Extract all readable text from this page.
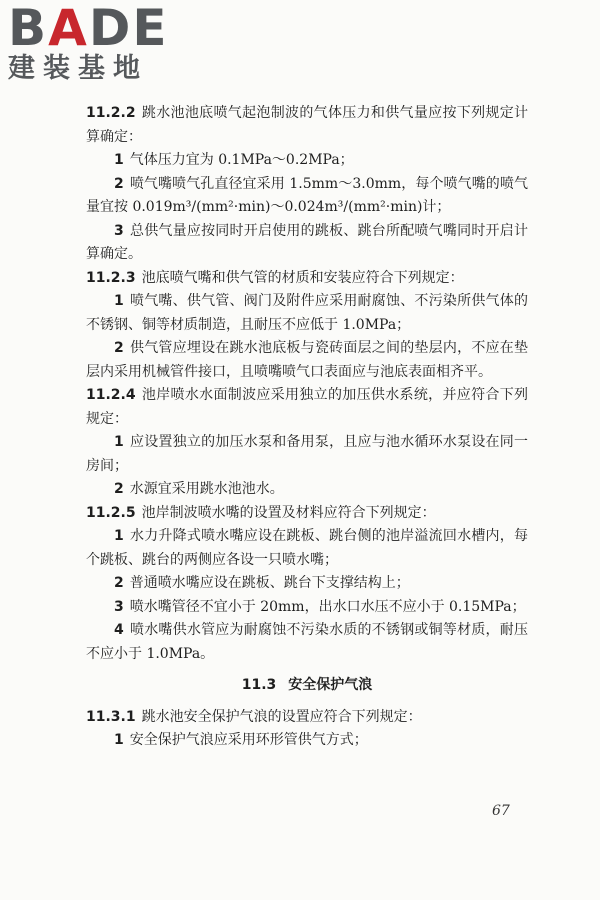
BADE
建装基地

11.2.2 跳水池池底喷气起泡制波的气体压力和供气量应按下列规定计算确定：

1 气体压力宜为 0.1MPa～0.2MPa；

2 喷气嘴喷气孔直径宜采用 1.5mm～3.0mm，每个喷气嘴的喷气量宜按 0.019m³/(mm²·min)～0.024m³/(mm²·min)计；

3 总供气量应按同时开启使用的跳板、跳台所配喷气嘴同时开启计算确定。

11.2.3 池底喷气嘴和供气管的材质和安装应符合下列规定：

1 喷气嘴、供气管、阀门及附件应采用耐腐蚀、不污染所供气体的不锈钢、铜等材质制造，且耐压不应低于 1.0MPa；

2 供气管应埋设在跳水池底板与瓷砖面层之间的垫层内，不应在垫层内采用机械管件接口，且喷嘴喷气口表面应与池底表面相齐平。

11.2.4 池岸喷水水面制波应采用独立的加压供水系统，并应符合下列规定：

1 应设置独立的加压水泵和备用泵，且应与池水循环水泵设在同一房间；

2 水源宜采用跳水池池水。

11.2.5 池岸制波喷水嘴的设置及材料应符合下列规定：

1 水力升降式喷水嘴应设在跳板、跳台侧的池岸溢流回水槽内，每个跳板、跳台的两侧应各设一只喷水嘴；

2 普通喷水嘴应设在跳板、跳台下支撑结构上；

3 喷水嘴管径不宜小于 20mm，出水口水压不应小于 0.15MPa；

4 喷水嘴供水管应为耐腐蚀不污染水质的不锈钢或铜等材质，耐压不应小于 1.0MPa。

11.3 安全保护气浪

11.3.1 跳水池安全保护气浪的设置应符合下列规定：

1 安全保护气浪应采用环形管供气方式；

67
